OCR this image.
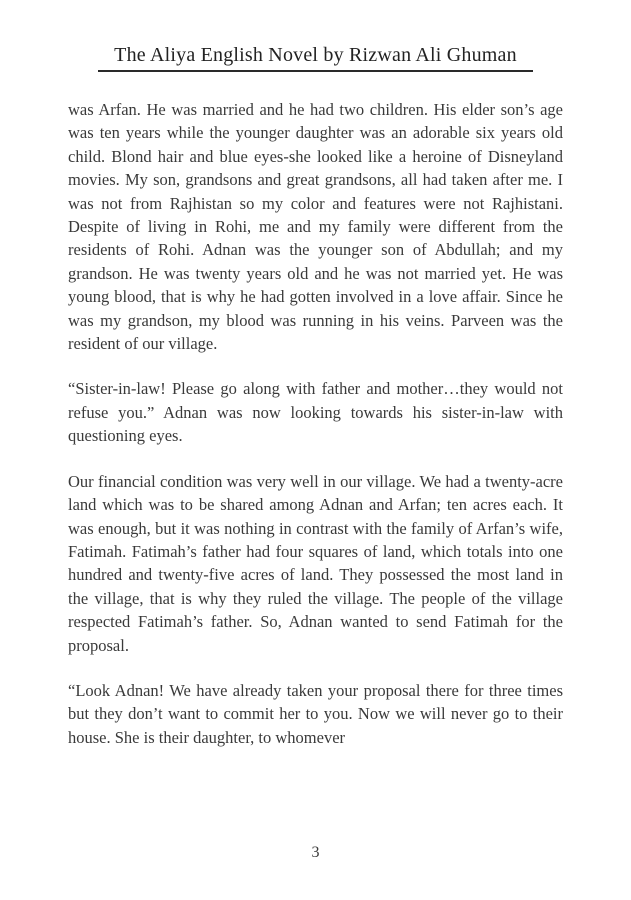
The Aliya English Novel by Rizwan Ali Ghuman

was Arfan. He was married and he had two children. His elder son’s age was ten years while the younger daughter was an adorable six years old child. Blond hair and blue eyes-she looked like a heroine of Disneyland movies. My son, grandsons and great grandsons, all had taken after me. I was not from Rajhistan so my color and features were not Rajhistani. Despite of living in Rohi, me and my family were different from the residents of Rohi. Adnan was the younger son of Abdullah; and my grandson. He was twenty years old and he was not married yet. He was young blood, that is why he had gotten involved in a love affair. Since he was my grandson, my blood was running in his veins. Parveen was the resident of our village.

“Sister-in-law! Please go along with father and mother…they would not refuse you.” Adnan was now looking towards his sister-in-law with questioning eyes.

Our financial condition was very well in our village. We had a twenty-acre land which was to be shared among Adnan and Arfan; ten acres each. It was enough, but it was nothing in contrast with the family of Arfan’s wife, Fatimah. Fatimah’s father had four squares of land, which totals into one hundred and twenty-five acres of land. They possessed the most land in the village, that is why they ruled the village. The people of the village respected Fatimah’s father. So, Adnan wanted to send Fatimah for the proposal.

“Look Adnan! We have already taken your proposal there for three times but they don’t want to commit her to you. Now we will never go to their house. She is their daughter, to whomever

3
